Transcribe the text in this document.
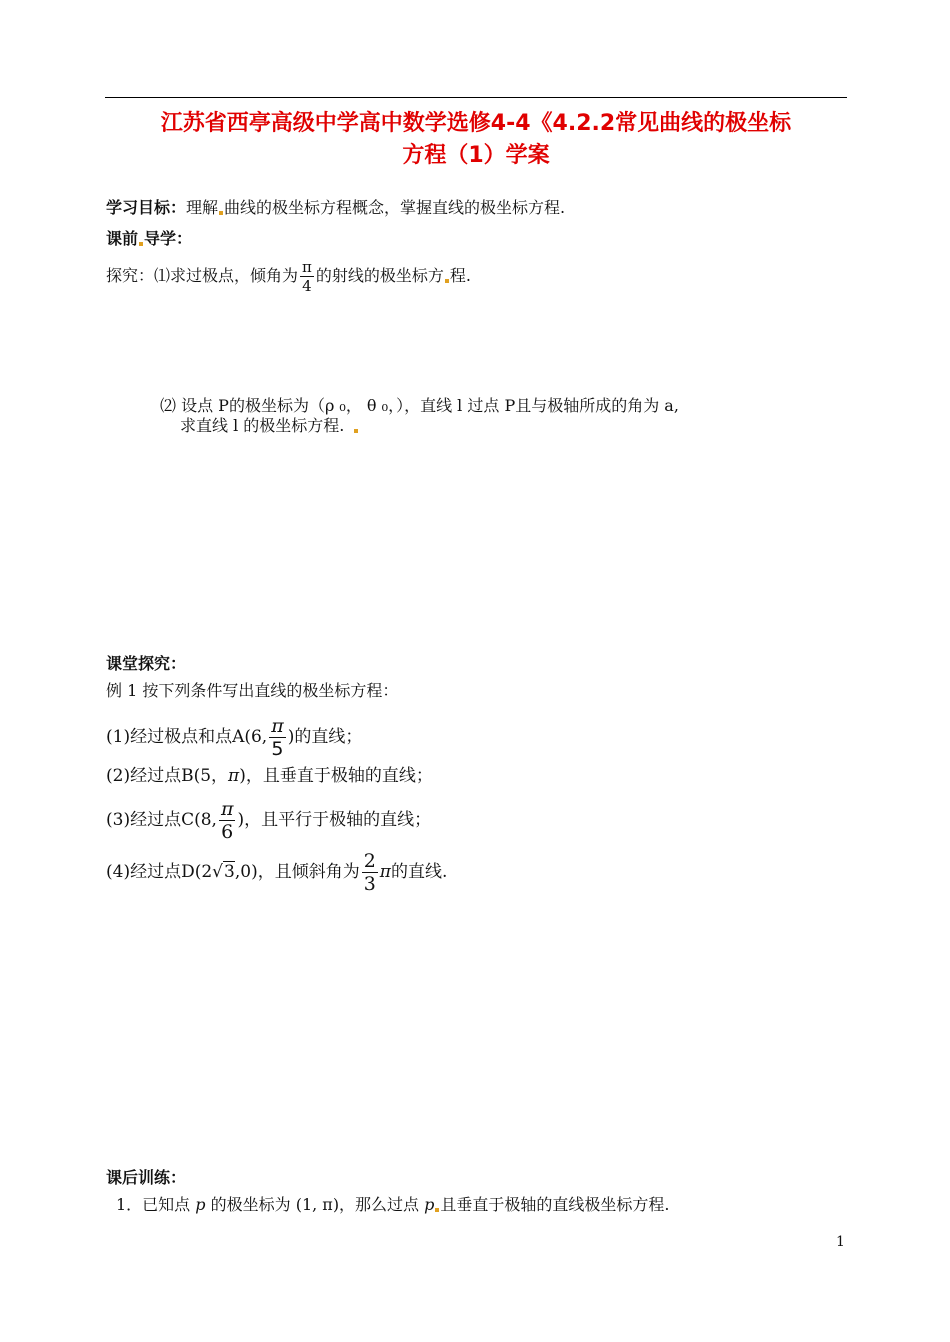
江苏省西亭高级中学高中数学选修4-4《4.2.2常见曲线的极坐标
方程（1）学案
学习目标：理解 曲线的极坐标方程概念，掌握直线的极坐标方程.
课前 导学：
探究：⑴求过极点，倾角为 $\frac{\pi}{4}$ 的射线的极坐标方 程.
⑵ 设点 P的极坐标为（ρ ₀， θ ₀，），直线 l 过点 P且与极轴所成的角为 a,
求直线 l 的极坐标方程.
课堂探究：
例 1 按下列条件写出直线的极坐标方程：
(1)经过极点和点A(6, $\frac{\pi}{5}$ )的直线；
(2)经过点B(5，π)，且垂直于极轴的直线；
(3)经过点C(8, $\frac{\pi}{6}$ )，且平行于极轴的直线；
(4)经过点D(2√3,0)，且倾斜角为 $\frac{2}{3}$ π的直线.
课后训练：
1．已知点 p 的极坐标为 (1, π)，那么过点 p 且垂直于极轴的直线极坐标方程.
1
